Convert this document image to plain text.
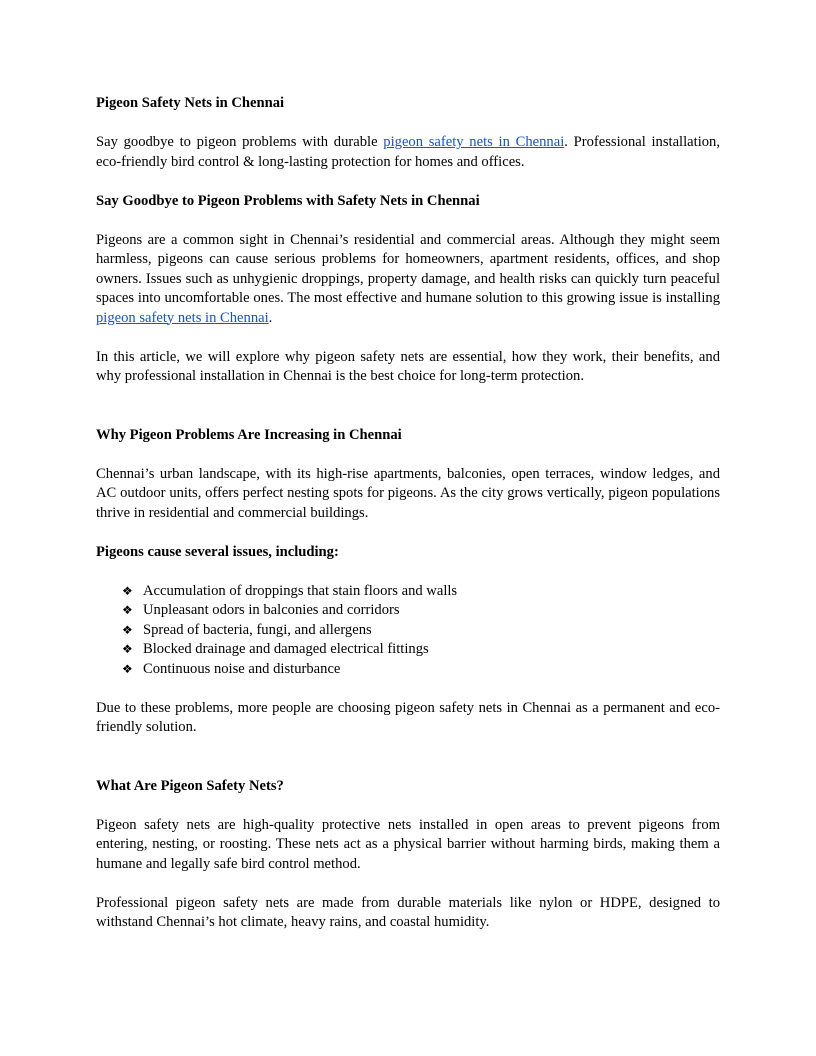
Pigeon Safety Nets in Chennai

Say goodbye to pigeon problems with durable pigeon safety nets in Chennai. Professional installation, eco-friendly bird control & long-lasting protection for homes and offices.

Say Goodbye to Pigeon Problems with Safety Nets in Chennai

Pigeons are a common sight in Chennai’s residential and commercial areas. Although they might seem harmless, pigeons can cause serious problems for homeowners, apartment residents, offices, and shop owners. Issues such as unhygienic droppings, property damage, and health risks can quickly turn peaceful spaces into uncomfortable ones. The most effective and humane solution to this growing issue is installing pigeon safety nets in Chennai.

In this article, we will explore why pigeon safety nets are essential, how they work, their benefits, and why professional installation in Chennai is the best choice for long-term protection.

Why Pigeon Problems Are Increasing in Chennai

Chennai’s urban landscape, with its high-rise apartments, balconies, open terraces, window ledges, and AC outdoor units, offers perfect nesting spots for pigeons. As the city grows vertically, pigeon populations thrive in residential and commercial buildings.

Pigeons cause several issues, including:

❖ Accumulation of droppings that stain floors and walls
❖ Unpleasant odors in balconies and corridors
❖ Spread of bacteria, fungi, and allergens
❖ Blocked drainage and damaged electrical fittings
❖ Continuous noise and disturbance

Due to these problems, more people are choosing pigeon safety nets in Chennai as a permanent and eco-friendly solution.

What Are Pigeon Safety Nets?

Pigeon safety nets are high-quality protective nets installed in open areas to prevent pigeons from entering, nesting, or roosting. These nets act as a physical barrier without harming birds, making them a humane and legally safe bird control method.

Professional pigeon safety nets are made from durable materials like nylon or HDPE, designed to withstand Chennai’s hot climate, heavy rains, and coastal humidity.
